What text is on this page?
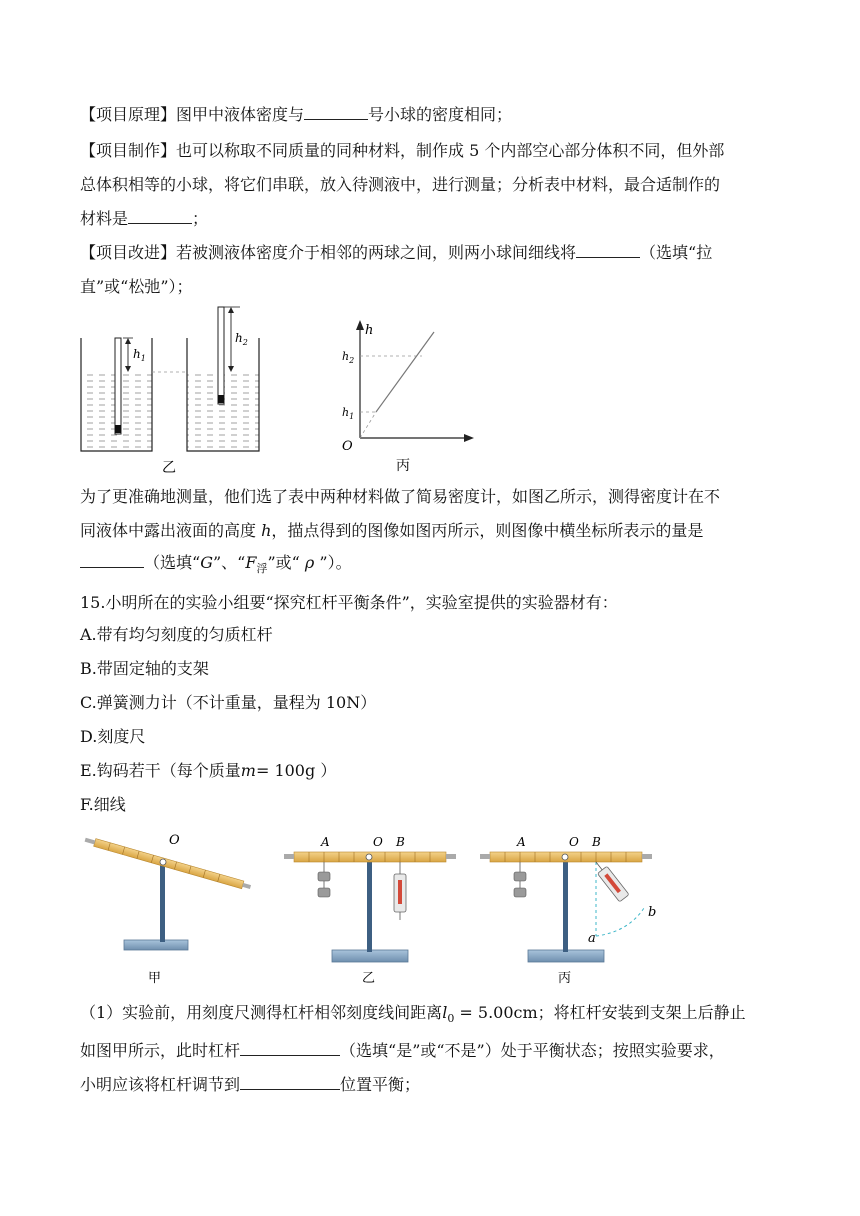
【项目原理】图甲中液体密度与	号小球的密度相同；
【项目制作】也可以称取不同质量的同种材料，制作成 5 个内部空心部分体积不同，但外部
总体积相等的小球，将它们串联，放入待测液中，进行测量；分析表中材料，最合适制作的
材料是	；
【项目改进】若被测液体密度介于相邻的两球之间，则两小球间细线将	（选填“拉
直”或“松弛”）；
$h_1$
$h_2$
乙
h
O
$h_2$
$h_1$
丙
为了更准确地测量，他们选了表中两种材料做了简易密度计，如图乙所示，测得密度计在不
同液体中露出液面的高度 h，描点得到的图像如图丙所示，则图像中横坐标所表示的量是
（选填“G”、“$F_浮$”或“ ρ ”）。
15.小明所在的实验小组要“探究杠杆平衡条件”，实验室提供的实验器材有：
A.带有均匀刻度的匀质杠杆
B.带固定轴的支架
C.弹簧测力计（不计重量，量程为 10N）
D.刻度尺
E.钩码若干（每个质量m= 100g ）
F.细线
O
甲
A	O B
乙
A	O B
a
b
丙
（1）实验前，用刻度尺测得杠杆相邻刻度线间距离$l_0 = 5.00cm$；将杠杆安装到支架上后静止
如图甲所示，此时杠杆	（选填“是”或“不是”）处于平衡状态；按照实验要求，
小明应该将杠杆调节到	位置平衡；
